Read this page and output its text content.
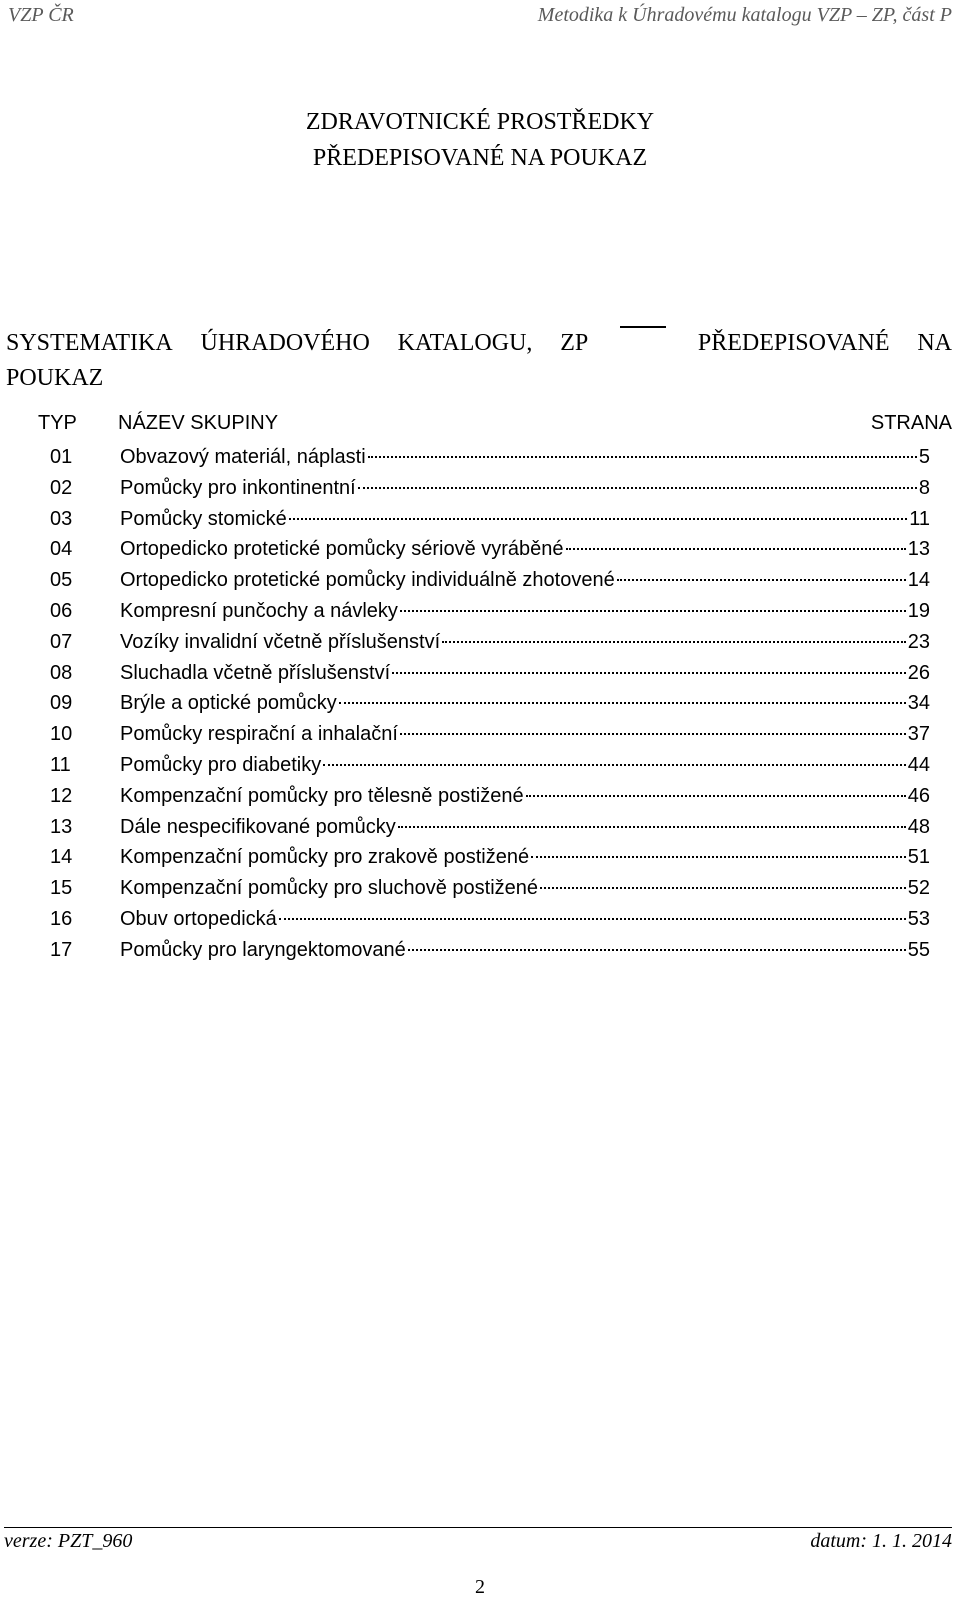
VZP ČR	Metodika k Úhradovému katalogu VZP – ZP, část P
ZDRAVOTNICKÉ PROSTŘEDKY
PŘEDEPISOVANÉ NA POUKAZ
SYSTEMATIKA ÚHRADOVÉHO KATALOGU, ZP	PŘEDEPISOVANÉ NA
POUKAZ
TYP	NÁZEV SKUPINY	STRANA
01	Obvazový materiál, náplasti	5
02	Pomůcky pro inkontinentní	8
03	Pomůcky stomické	11
04	Ortopedicko protetické pomůcky sériově vyráběné	13
05	Ortopedicko protetické pomůcky individuálně zhotovené	14
06	Kompresní punčochy a návleky	19
07	Vozíky invalidní včetně příslušenství	23
08	Sluchadla včetně příslušenství	26
09	Brýle a optické pomůcky	34
10	Pomůcky respirační a inhalační	37
11	Pomůcky pro diabetiky	44
12	Kompenzační pomůcky pro tělesně postižené	46
13	Dále nespecifikované pomůcky	48
14	Kompenzační pomůcky pro zrakově postižené	51
15	Kompenzační pomůcky pro sluchově postižené	52
16	Obuv ortopedická	53
17	Pomůcky pro laryngektomované	55
verze: PZT_960	datum: 1. 1. 2014
2
